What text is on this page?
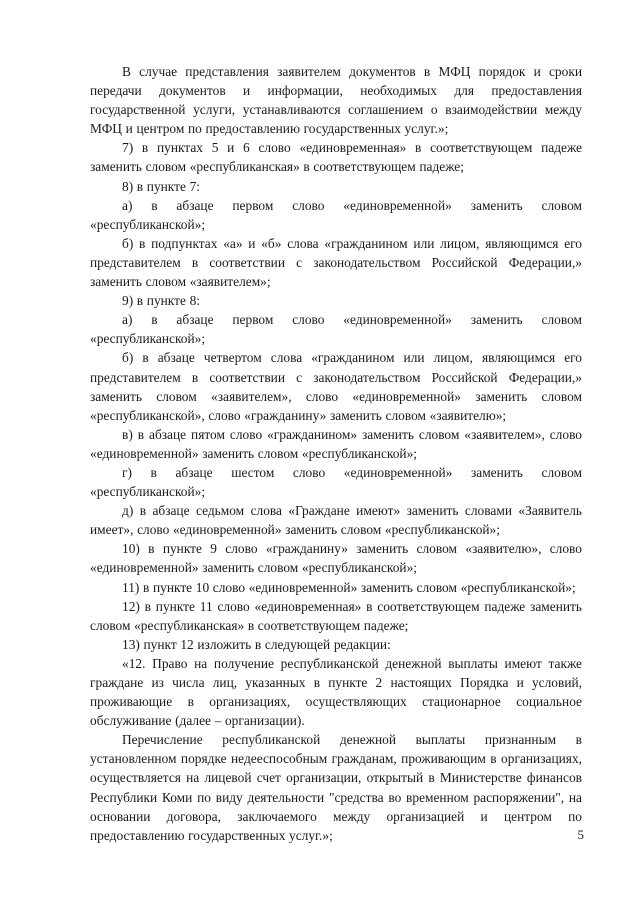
В случае представления заявителем документов в МФЦ порядок и сроки передачи документов и информации, необходимых для предоставления государственной услуги, устанавливаются соглашением о взаимодействии между МФЦ и центром по предоставлению государственных услуг.»;

7) в пунктах 5 и 6 слово «единовременная» в соответствующем падеже заменить словом «республиканская» в соответствующем падеже;

8) в пункте 7:

а) в абзаце первом слово «единовременной» заменить словом «республиканской»;

б) в подпунктах «а» и «б» слова «гражданином или лицом, являющимся его представителем в соответствии с законодательством Российской Федерации,» заменить словом «заявителем»;

9) в пункте 8:

а) в абзаце первом слово «единовременной» заменить словом «республиканской»;

б) в абзаце четвертом слова «гражданином или лицом, являющимся его представителем в соответствии с законодательством Российской Федерации,» заменить словом «заявителем», слово «единовременной» заменить словом «республиканской», слово «гражданину» заменить словом «заявителю»;

в) в абзаце пятом слово «гражданином» заменить словом «заявителем», слово «единовременной» заменить словом «республиканской»;

г) в абзаце шестом слово «единовременной» заменить словом «республиканской»;

д) в абзаце седьмом слова «Граждане имеют» заменить словами «Заявитель имеет», слово «единовременной» заменить словом «республиканской»;

10) в пункте 9 слово «гражданину» заменить словом «заявителю», слово «единовременной» заменить словом «республиканской»;

11) в пункте 10 слово «единовременной» заменить словом «республиканской»;

12) в пункте 11 слово «единовременная» в соответствующем падеже заменить словом «республиканская» в соответствующем падеже;

13) пункт 12 изложить в следующей редакции:

«12. Право на получение республиканской денежной выплаты имеют также граждане из числа лиц, указанных в пункте 2 настоящих Порядка и условий, проживающие в организациях, осуществляющих стационарное социальное обслуживание (далее – организации).

Перечисление республиканской денежной выплаты признанным в установленном порядке недееспособным гражданам, проживающим в организациях, осуществляется на лицевой счет организации, открытый в Министерстве финансов Республики Коми по виду деятельности "средства во временном распоряжении", на основании договора, заключаемого между организацией и центром по предоставлению государственных услуг.»;	5
